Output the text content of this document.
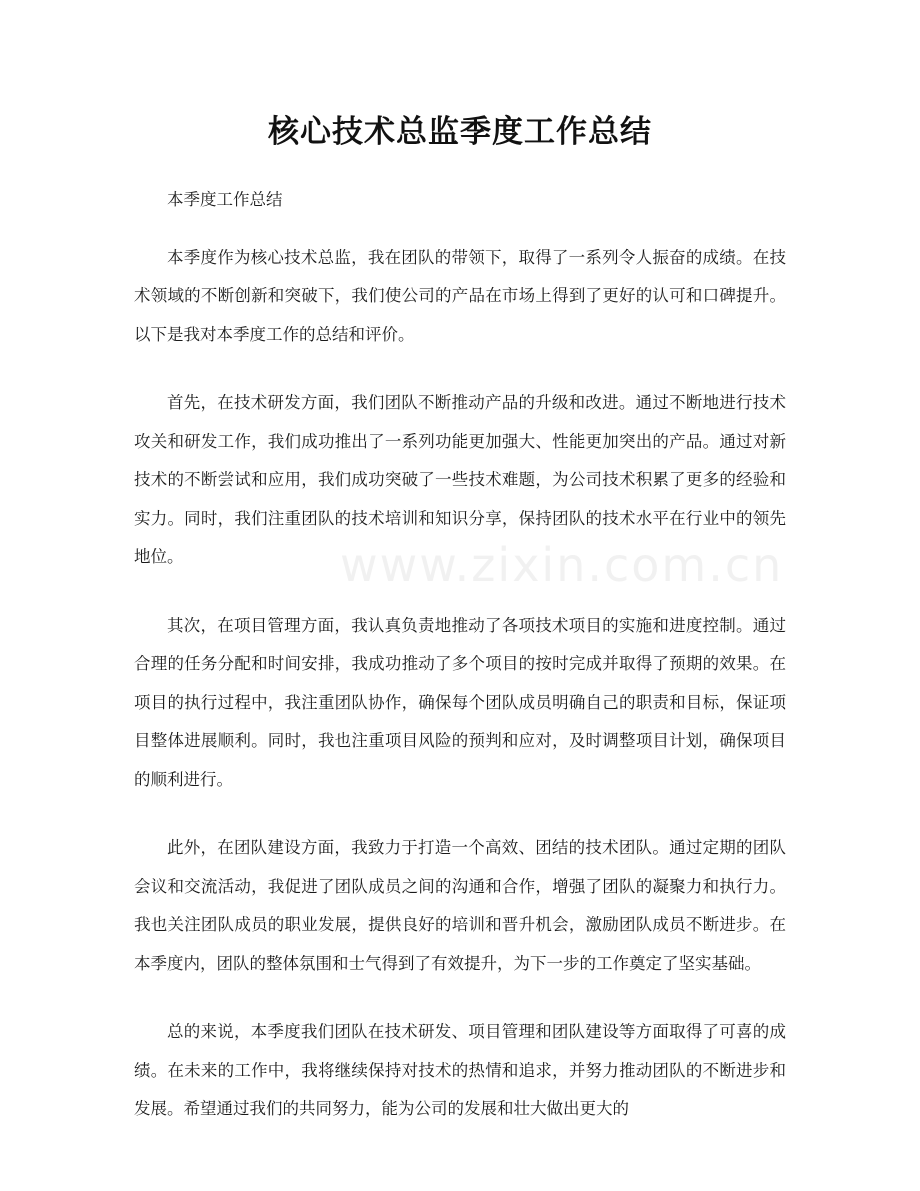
核心技术总监季度工作总结
www.zixin.com.cn

本季度工作总结

本季度作为核心技术总监，我在团队的带领下，取得了一系列令人振奋的成绩。在技术领域的不断创新和突破下，我们使公司的产品在市场上得到了更好的认可和口碑提升。以下是我对本季度工作的总结和评价。

首先，在技术研发方面，我们团队不断推动产品的升级和改进。通过不断地进行技术攻关和研发工作，我们成功推出了一系列功能更加强大、性能更加突出的产品。通过对新技术的不断尝试和应用，我们成功突破了一些技术难题，为公司技术积累了更多的经验和实力。同时，我们注重团队的技术培训和知识分享，保持团队的技术水平在行业中的领先地位。

其次，在项目管理方面，我认真负责地推动了各项技术项目的实施和进度控制。通过合理的任务分配和时间安排，我成功推动了多个项目的按时完成并取得了预期的效果。在项目的执行过程中，我注重团队协作，确保每个团队成员明确自己的职责和目标，保证项目整体进展顺利。同时，我也注重项目风险的预判和应对，及时调整项目计划，确保项目的顺利进行。

此外，在团队建设方面，我致力于打造一个高效、团结的技术团队。通过定期的团队会议和交流活动，我促进了团队成员之间的沟通和合作，增强了团队的凝聚力和执行力。我也关注团队成员的职业发展，提供良好的培训和晋升机会，激励团队成员不断进步。在本季度内，团队的整体氛围和士气得到了有效提升，为下一步的工作奠定了坚实基础。

总的来说，本季度我们团队在技术研发、项目管理和团队建设等方面取得了可喜的成绩。在未来的工作中，我将继续保持对技术的热情和追求，并努力推动团队的不断进步和发展。希望通过我们的共同努力，能为公司的发展和壮大做出更大的
